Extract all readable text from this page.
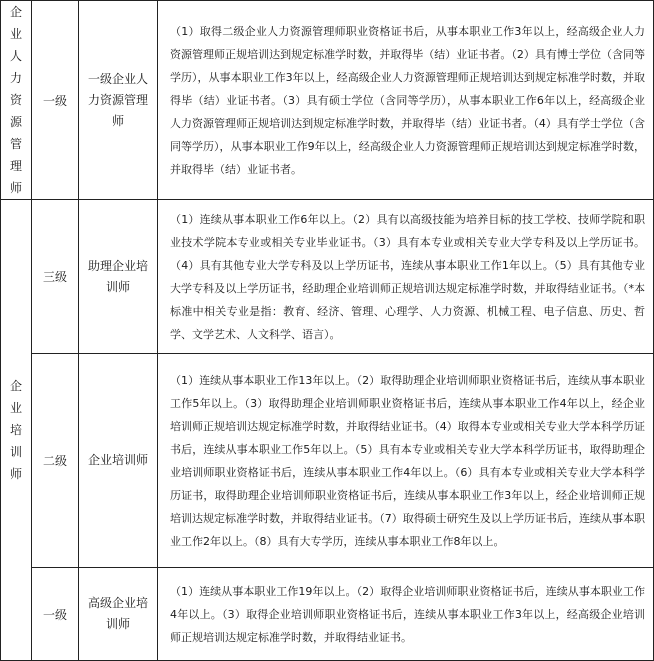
企业人力资源管理师	一级	一级企业人力资源管理师	（1）取得二级企业人力资源管理师职业资格证书后，从事本职业工作3年以上，经高级企业人力资源管理师正规培训达到规定标准学时数，并取得毕（结）业证书者。（2）具有博士学位（含同等学历），从事本职业工作3年以上，经高级企业人力资源管理师正规培训达到规定标准学时数，并取得毕（结）业证书者。（3）具有硕士学位（含同等学历），从事本职业工作6年以上，经高级企业人力资源管理师正规培训达到规定标准学时数，并取得毕（结）业证书者。（4）具有学士学位（含同等学历），从事本职业工作9年以上，经高级企业人力资源管理师正规培训达到规定标准学时数，并取得毕（结）业证书者。
企业培训师	三级	助理企业培训师	（1）连续从事本职业工作6年以上。（2）具有以高级技能为培养目标的技工学校、技师学院和职业技术学院本专业或相关专业毕业证书。（3）具有本专业或相关专业大学专科及以上学历证书。（4）具有其他专业大学专科及以上学历证书，连续从事本职业工作1年以上。（5）具有其他专业大学专科及以上学历证书，经助理企业培训师正规培训达规定标准学时数，并取得结业证书。（*本标准中相关专业是指：教育、经济、管理、心理学、人力资源、机械工程、电子信息、历史、哲学、文学艺术、人文科学、语言）。
	二级	企业培训师	（1）连续从事本职业工作13年以上。（2）取得助理企业培训师职业资格证书后，连续从事本职业工作5年以上。（3）取得助理企业培训师职业资格证书后，连续从事本职业工作4年以上，经企业培训师正规培训达规定标准学时数，并取得结业证书。（4）取得本专业或相关专业大学本科学历证书后，连续从事本职业工作5年以上。（5）具有本专业或相关专业大学本科学历证书，取得助理企业培训师职业资格证书后，连续从事本职业工作4年以上。（6）具有本专业或相关专业大学本科学历证书，取得助理企业培训师职业资格证书后，连续从事本职业工作3年以上，经企业培训师正规培训达规定标准学时数，并取得结业证书。（7）取得硕士研究生及以上学历证书后，连续从事本职业工作2年以上。（8）具有大专学历，连续从事本职业工作8年以上。
	一级	高级企业培训师	（1）连续从事本职业工作19年以上。（2）取得企业培训师职业资格证书后，连续从事本职业工作4年以上。（3）取得企业培训师职业资格证书后，连续从事本职业工作3年以上，经高级企业培训师正规培训达规定标准学时数，并取得结业证书。
